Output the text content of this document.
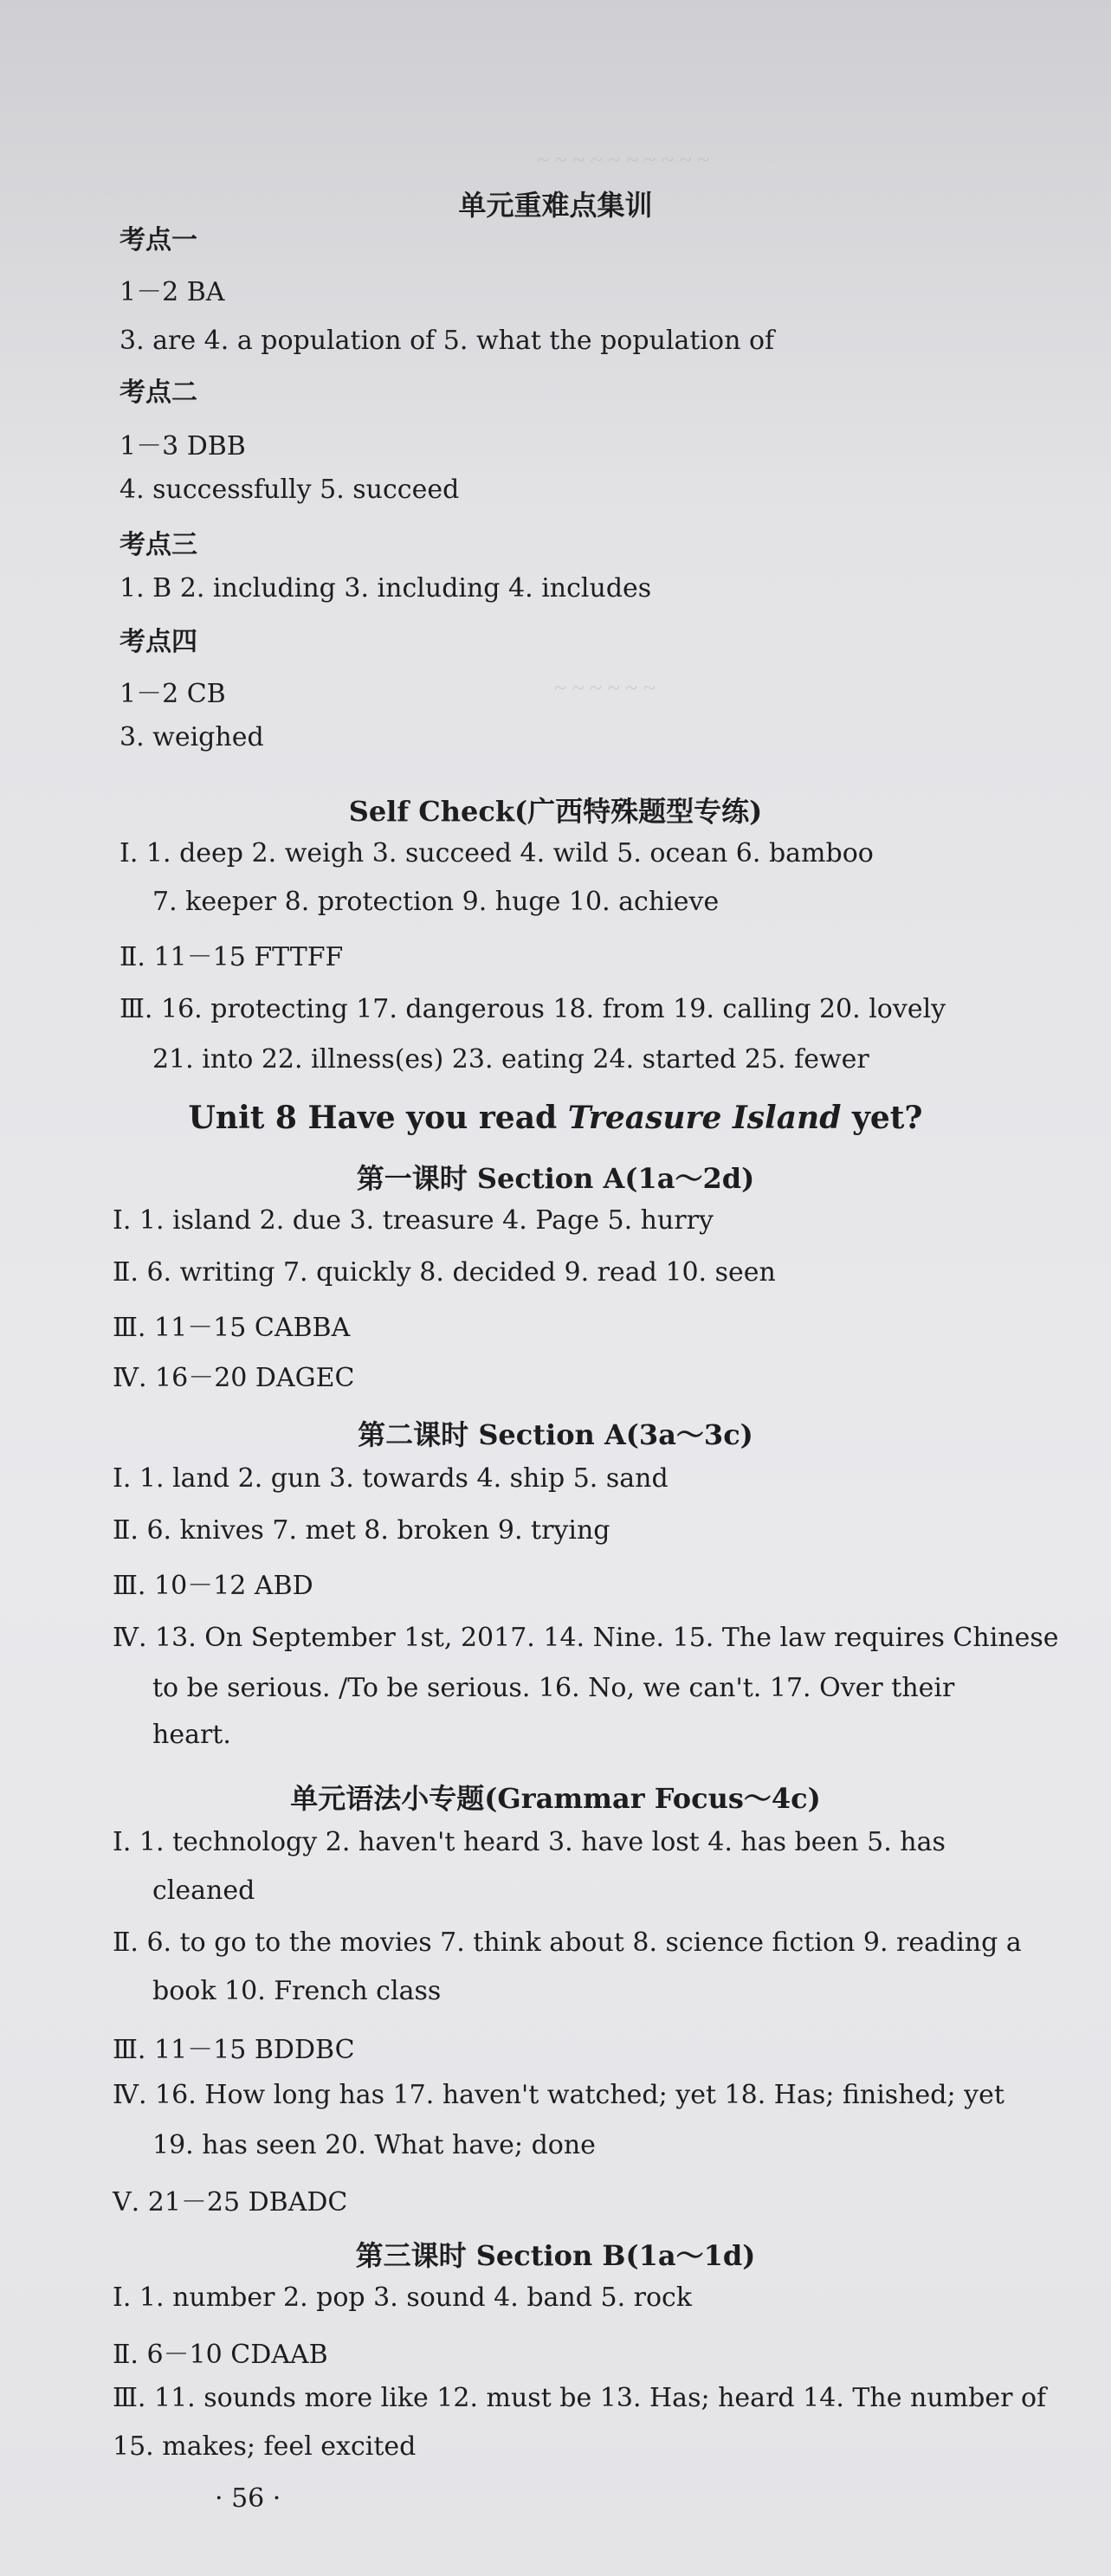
~ ~ ~ ~ ~ ~ ~ ~ ~ ~
~ ~ ~ ~ ~ ~
单元重难点集训
考点一
1－2 BA
3. are 4. a population of 5. what the population of
考点二
1－3 DBB
4. successfully 5. succeed
考点三
1. B 2. including 3. including 4. includes
考点四
1－2 CB
3. weighed
Self Check(广西特殊题型专练)
Ⅰ. 1. deep 2. weigh 3. succeed 4. wild 5. ocean 6. bamboo
7. keeper 8. protection 9. huge 10. achieve
Ⅱ. 11－15 FTTFF
Ⅲ. 16. protecting 17. dangerous 18. from 19. calling 20. lovely
21. into 22. illness(es) 23. eating 24. started 25. fewer
Unit 8 Have you read Treasure Island yet?
第一课时 Section A(1a～2d)
Ⅰ. 1. island 2. due 3. treasure 4. Page 5. hurry
Ⅱ. 6. writing 7. quickly 8. decided 9. read 10. seen
Ⅲ. 11－15 CABBA
Ⅳ. 16－20 DAGEC
第二课时 Section A(3a～3c)
Ⅰ. 1. land 2. gun 3. towards 4. ship 5. sand
Ⅱ. 6. knives 7. met 8. broken 9. trying
Ⅲ. 10－12 ABD
Ⅳ. 13. On September 1st, 2017. 14. Nine. 15. The law requires Chinese
to be serious. /To be serious. 16. No, we can't. 17. Over their
heart.
单元语法小专题(Grammar Focus～4c)
Ⅰ. 1. technology 2. haven't heard 3. have lost 4. has been 5. has
cleaned
Ⅱ. 6. to go to the movies 7. think about 8. science fiction 9. reading a
book 10. French class
Ⅲ. 11－15 BDDBC
Ⅳ. 16. How long has 17. haven't watched; yet 18. Has; finished; yet
19. has seen 20. What have; done
Ⅴ. 21－25 DBADC
第三课时 Section B(1a～1d)
Ⅰ. 1. number 2. pop 3. sound 4. band 5. rock
Ⅱ. 6－10 CDAAB
Ⅲ. 11. sounds more like 12. must be 13. Has; heard 14. The number of
15. makes; feel excited
· 56 ·
